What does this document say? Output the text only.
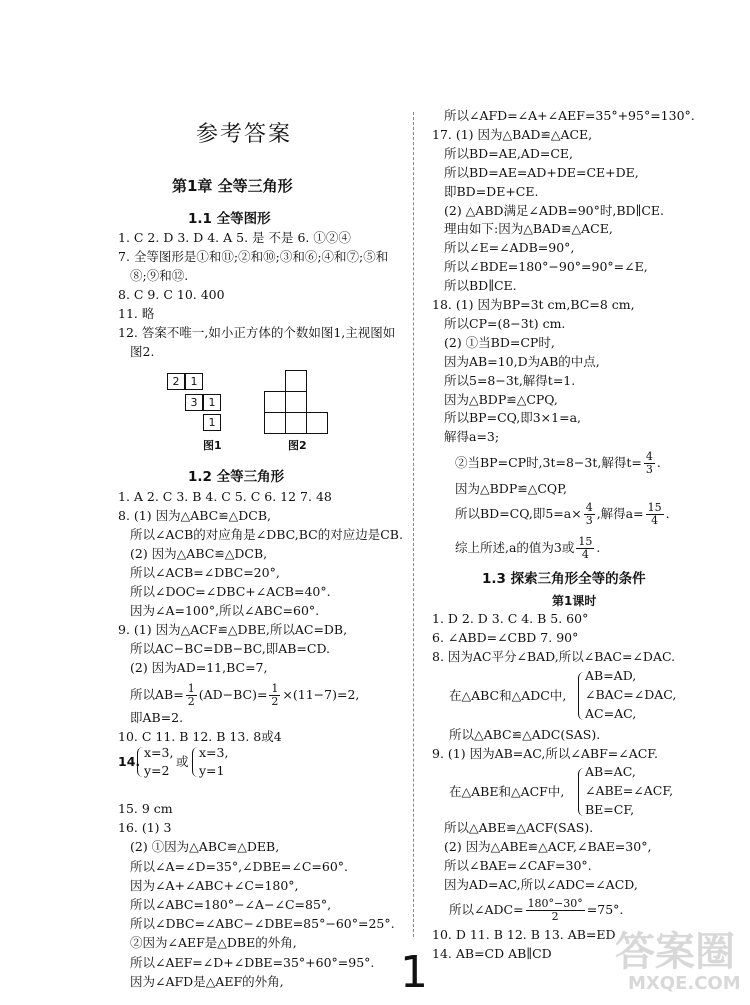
参考答案
第1章 全等三角形
1.1 全等图形
1. C 2. D 3. D 4. A 5. 是 不是 6. ①②④
7. 全等图形是①和⑪;②和⑩;③和⑥;④和⑦;⑤和
⑧;⑨和⑫.
8. C 9. C 10. 400
11. 略
12. 答案不唯一,如小正方体的个数如图1,主视图如
图2.
2	1
3	1
1
图1	图2
1.2 全等三角形
1. A 2. C 3. B 4. C 5. C 6. 12 7. 48
8. (1) 因为△ABC≌△DCB,
所以∠ACB的对应角是∠DBC,BC的对应边是CB.
(2) 因为△ABC≌△DCB,
所以∠ACB=∠DBC=20°,
所以∠DOC=∠DBC+∠ACB=40°.
因为∠A=100°,所以∠ABC=60°.
9. (1) 因为△ACF≌△DBE,所以AC=DB,
所以AC−BC=DB−BC,即AB=CD.
(2) 因为AD=11,BC=7,
所以$AB= \frac{1}{2} (AD-BC)= \frac{1}{2} \times(11-7)=2$,
即AB=2.
10. C 11. B 12. B 13. 8或4
14.
x=3,
y=2
或
x=3,
y=1
15. 9 cm
16. (1) 3
(2) ①因为△ABC≌△DEB,
所以∠A=∠D=35°,∠DBE=∠C=60°.
因为∠A+∠ABC+∠C=180°,
所以∠ABC=180°−∠A−∠C=85°,
所以∠DBC=∠ABC−∠DBE=85°−60°=25°.
②因为∠AEF是△DBE的外角,
所以∠AEF=∠D+∠DBE=35°+60°=95°.
因为∠AFD是△AEF的外角,
所以∠AFD=∠A+∠AEF=35°+95°=130°.
17. (1) 因为△BAD≌△ACE,
所以BD=AE,AD=CE,
所以BD=AE=AD+DE=CE+DE,
即BD=DE+CE.
(2) △ABD满足∠ADB=90°时,BD∥CE.
理由如下:因为△BAD≌△ACE,
所以∠E=∠ADB=90°,
所以∠BDE=180°−90°=90°=∠E,
所以BD∥CE.
18. (1) 因为BP=3t cm,BC=8 cm,
所以CP=(8−3t) cm.
(2) ①当BD=CP时,
因为AB=10,D为AB的中点,
所以5=8−3t,解得t=1.
因为△BDP≌△CPQ,
所以BP=CQ,即3×1=a,
解得a=3;
②当BP=CP时,3t=8−3t,解得$t= \frac{4}{3}$ .
因为△BDP≌△CQP,
所以BD=CQ,即$5=a\times \frac{4}{3}$ ,解得$a= \frac{15}{4}$ .
综上所述,a的值为3或 $\frac{15}{4}$ .
1.3 探索三角形全等的条件
第1课时
1. D 2. D 3. C 4. B 5. 60°
6. ∠ABD=∠CBD 7. 90°
8. 因为AC平分∠BAD,所以∠BAC=∠DAC.
在△ABC和△ADC中,
AB=AD,
∠BAC=∠DAC,
AC=AC,
所以△ABC≌△ADC(SAS).
9. (1) 因为AB=AC,所以∠ABF=∠ACF.
在△ABE和△ACF中,
AB=AC,
∠ABE=∠ACF,
BE=CF,
所以△ABE≌△ACF(SAS).
(2) 因为△ABE≌△ACF,∠BAE=30°,
所以∠BAE=∠CAF=30°.
因为AD=AC,所以∠ADC=∠ACD,
所以∠ADC= $\frac{180^\circ-30^\circ}{2} =75^\circ$.
10. D 11. B 12. B 13. AB=ED
14. AB=CD AB∥CD
1	答案圈
MXQE.COM
